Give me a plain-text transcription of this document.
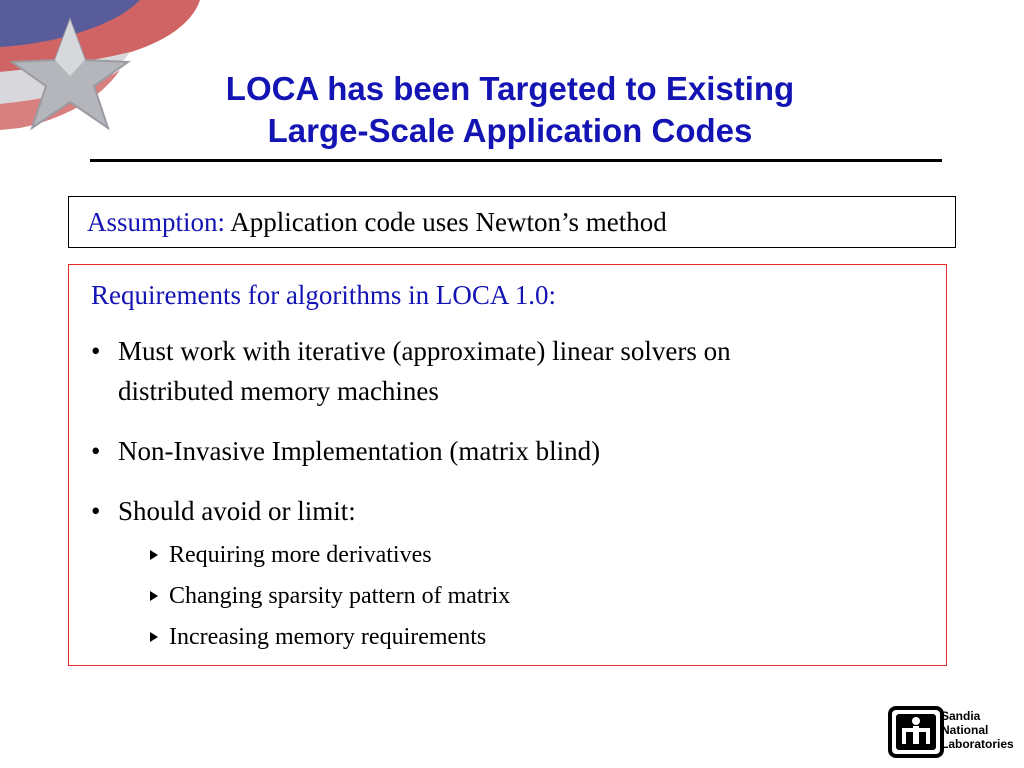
LOCA has been Targeted to Existing
Large-Scale Application Codes
Assumption: Application code uses Newton’s method
Requirements for algorithms in LOCA 1.0:
• Must work with iterative (approximate) linear solvers on
distributed memory machines
• Non-Invasive Implementation (matrix blind)
• Should avoid or limit:
Requiring more derivatives
Changing sparsity pattern of matrix
Increasing memory requirements
Sandia
National
Laboratories
